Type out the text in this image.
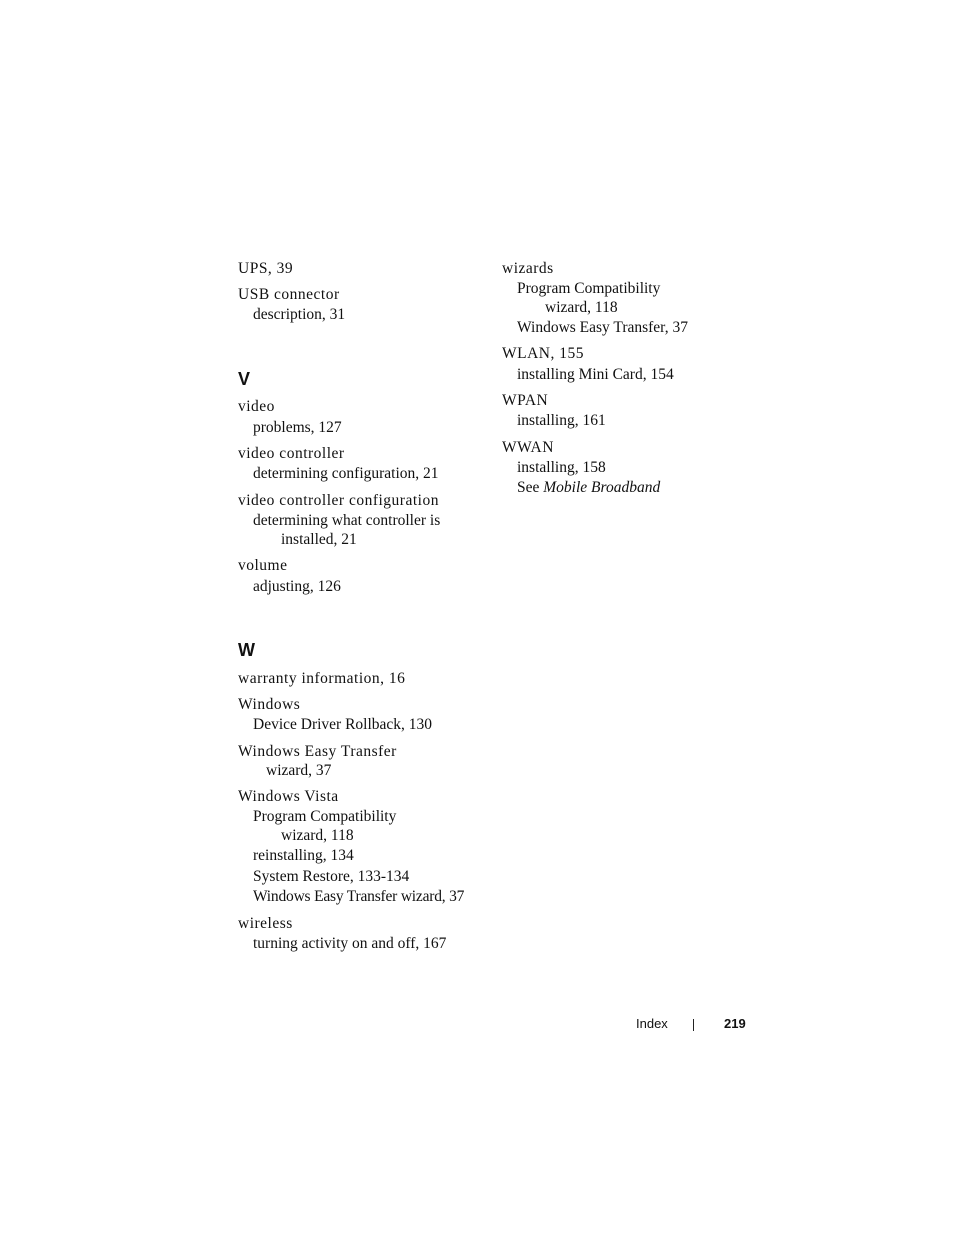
UPS, 39
USB connector
description, 31
V
video
problems, 127
video controller
determining configuration, 21
video controller configuration
determining what controller is
installed, 21
volume
adjusting, 126
W
warranty information, 16
Windows
Device Driver Rollback, 130
Windows Easy Transfer
wizard, 37
Windows Vista
Program Compatibility
wizard, 118
reinstalling, 134
System Restore, 133-134
Windows Easy Transfer wizard, 37
wireless
turning activity on and off, 167
wizards
Program Compatibility
wizard, 118
Windows Easy Transfer, 37
WLAN, 155
installing Mini Card, 154
WPAN
installing, 161
WWAN
installing, 158
See Mobile Broadband
Index	219
